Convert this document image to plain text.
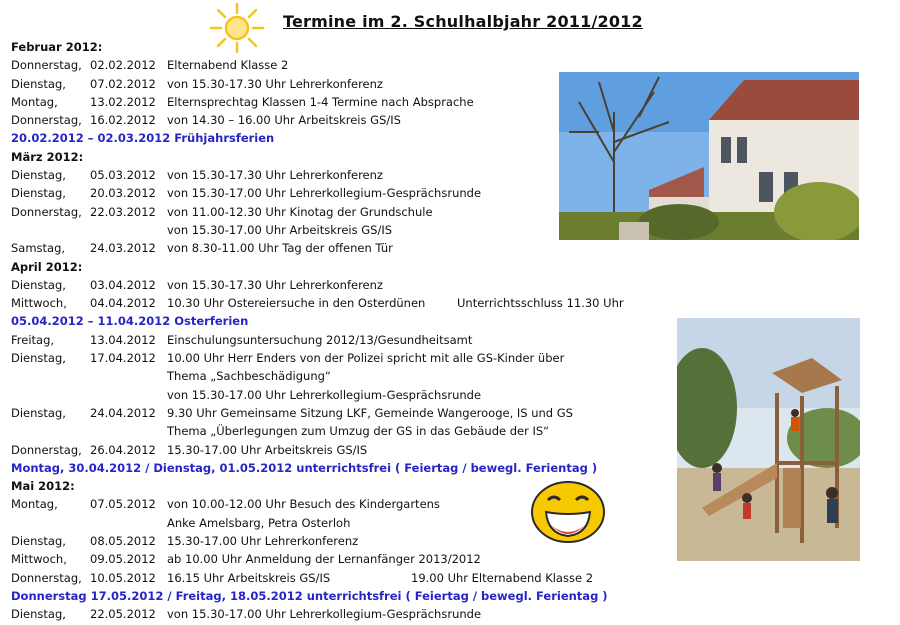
Termine im 2. Schulhalbjahr 2011/2012
Februar 2012:
Donnerstag, 02.02.2012 Elternabend Klasse 2
Dienstag, 07.02.2012 von 15.30-17.30 Uhr Lehrerkonferenz
Montag,	13.02.2012 Elternsprechtag Klassen 1-4 Termine nach Absprache
Donnerstag, 16.02.2012 von 14.30 – 16.00 Uhr Arbeitskreis GS/IS
20.02.2012 – 02.03.2012 Frühjahrsferien
März 2012:
Dienstag, 05.03.2012 von 15.30-17.30 Uhr Lehrerkonferenz
Dienstag, 20.03.2012 von 15.30-17.00 Uhr Lehrerkollegium-Gesprächsrunde
Donnerstag, 22.03.2012 von 11.00-12.30 Uhr Kinotag der Grundschule
von 15.30-17.00 Uhr Arbeitskreis GS/IS
Samstag, 24.03.2012 von 8.30-11.00 Uhr Tag der offenen Tür
April 2012:
Dienstag, 03.04.2012 von 15.30-17.30 Uhr Lehrerkonferenz
Mittwoch, 04.04.2012 10.30 Uhr Ostereiersuche in den Osterdünen	Unterrichtsschluss 11.30 Uhr
05.04.2012 – 11.04.2012 Osterferien
Freitag,	13.04.2012 Einschulungsuntersuchung 2012/13/Gesundheitsamt
Dienstag, 17.04.2012 10.00 Uhr Herr Enders von der Polizei spricht mit alle GS-Kinder über
Thema „Sachbeschädigung“
von 15.30-17.00 Uhr Lehrerkollegium-Gesprächsrunde
Dienstag, 24.04.2012 9.30 Uhr Gemeinsame Sitzung LKF, Gemeinde Wangerooge, IS und GS
Thema „Überlegungen zum Umzug der GS in das Gebäude der IS“
Donnerstag, 26.04.2012 15.30-17.00 Uhr Arbeitskreis GS/IS
Montag, 30.04.2012 / Dienstag, 01.05.2012 unterrichtsfrei ( Feiertag / bewegl. Ferientag )
Mai 2012:
Montag,	07.05.2012 von 10.00-12.00 Uhr Besuch des Kindergartens
Anke Amelsbarg, Petra Osterloh
Dienstag, 08.05.2012 15.30-17.00 Uhr Lehrerkonferenz
Mittwoch, 09.05.2012 ab 10.00 Uhr Anmeldung der Lernanfänger 2013/2012
Donnerstag, 10.05.2012 16.15 Uhr Arbeitskreis GS/IS	19.00 Uhr Elternabend Klasse 2
Donnerstag 17.05.2012 / Freitag, 18.05.2012 unterrichtsfrei ( Feiertag / bewegl. Ferientag )
Dienstag, 22.05.2012 von 15.30-17.00 Uhr Lehrerkollegium-Gesprächsrunde
